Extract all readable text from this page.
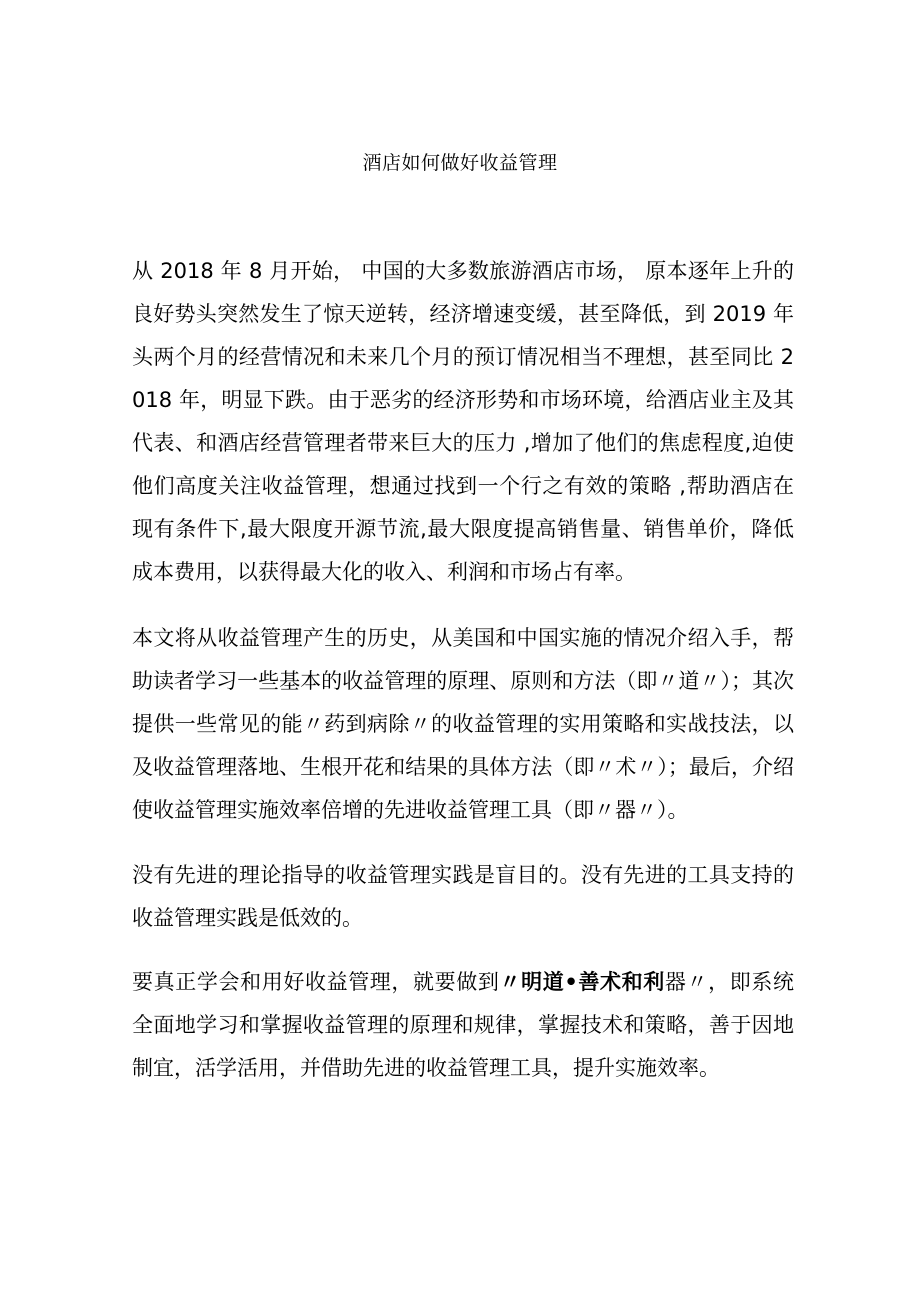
酒店如何做好收益管理

从 2018 年 8 月开始， 中国的大多数旅游酒店市场， 原本逐年上升的良好势头突然发生了惊天逆转，经济增速变缓，甚至降低，到 2019 年头两个月的经营情况和未来几个月的预订情况相当不理想，甚至同比 2018 年，明显下跌。由于恶劣的经济形势和市场环境，给酒店业主及其代表、和酒店经营管理者带来巨大的压力 ,增加了他们的焦虑程度,迫使他们高度关注收益管理，想通过找到一个行之有效的策略 ,帮助酒店在现有条件下,最大限度开源节流,最大限度提高销售量、销售单价，降低成本费用，以获得最大化的收入、利润和市场占有率。

本文将从收益管理产生的历史，从美国和中国实施的情况介绍入手，帮助读者学习一些基本的收益管理的原理、原则和方法（即〃道〃）；其次提供一些常见的能〃药到病除〃的收益管理的实用策略和实战技法，以及收益管理落地、生根开花和结果的具体方法（即〃术〃）；最后，介绍使收益管理实施效率倍增的先进收益管理工具（即〃器〃）。

没有先进的理论指导的收益管理实践是盲目的。没有先进的工具支持的收益管理实践是低效的。

要真正学会和用好收益管理，就要做到〃明道•善术和利器〃，即系统全面地学习和掌握收益管理的原理和规律，掌握技术和策略，善于因地制宜，活学活用，并借助先进的收益管理工具，提升实施效率。
